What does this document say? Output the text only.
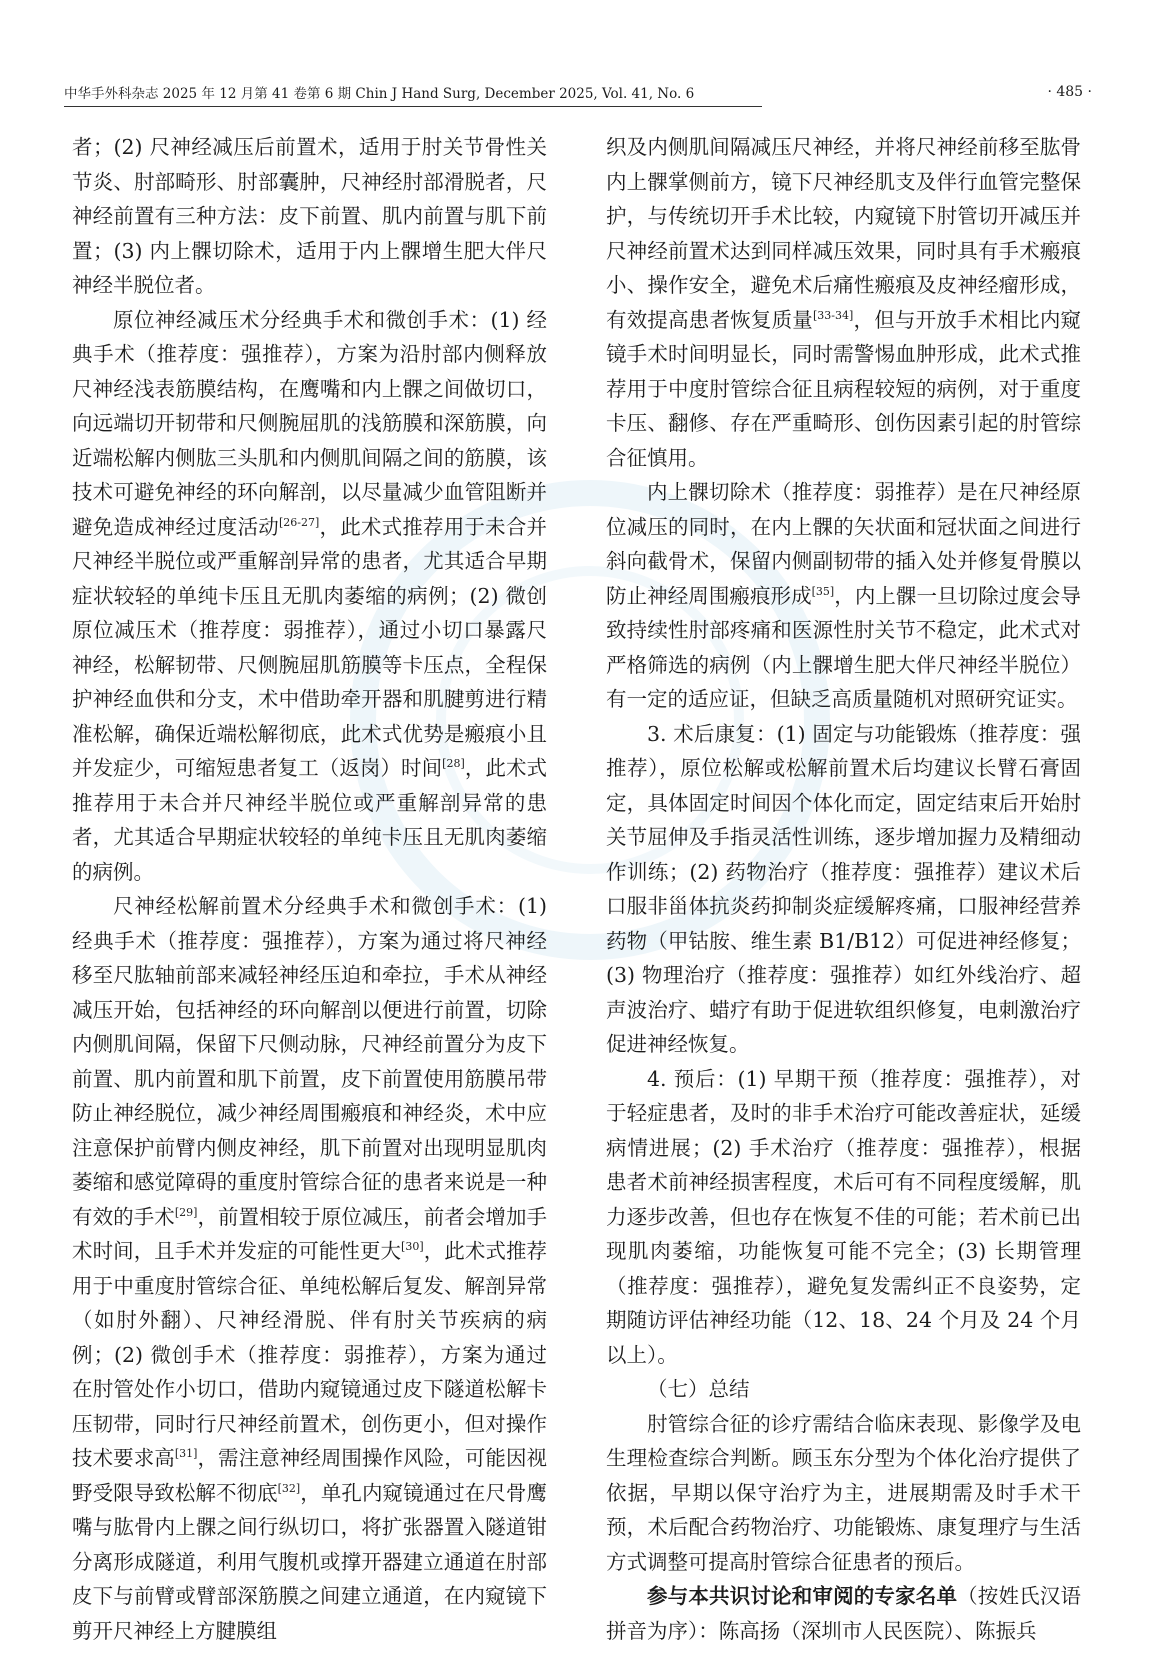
中华手外科杂志 2025 年 12 月第 41 卷第 6 期 Chin J Hand Surg, December 2025, Vol. 41, No. 6	· 485 ·

者；(2) 尺神经减压后前置术，适用于肘关节骨性关节炎、肘部畸形、肘部囊肿，尺神经肘部滑脱者，尺神经前置有三种方法：皮下前置、肌内前置与肌下前置；(3) 内上髁切除术，适用于内上髁增生肥大伴尺神经半脱位者。

原位神经减压术分经典手术和微创手术：(1) 经典手术（推荐度：强推荐），方案为沿肘部内侧释放尺神经浅表筋膜结构，在鹰嘴和内上髁之间做切口，向远端切开韧带和尺侧腕屈肌的浅筋膜和深筋膜，向近端松解内侧肱三头肌和内侧肌间隔之间的筋膜，该技术可避免神经的环向解剖，以尽量减少血管阻断并避免造成神经过度活动[26-27]，此术式推荐用于未合并尺神经半脱位或严重解剖异常的患者，尤其适合早期症状较轻的单纯卡压且无肌肉萎缩的病例；(2) 微创原位减压术（推荐度：弱推荐），通过小切口暴露尺神经，松解韧带、尺侧腕屈肌筋膜等卡压点，全程保护神经血供和分支，术中借助牵开器和肌腱剪进行精准松解，确保近端松解彻底，此术式优势是瘢痕小且并发症少，可缩短患者复工（返岗）时间[28]，此术式推荐用于未合并尺神经半脱位或严重解剖异常的患者，尤其适合早期症状较轻的单纯卡压且无肌肉萎缩的病例。

尺神经松解前置术分经典手术和微创手术：(1) 经典手术（推荐度：强推荐），方案为通过将尺神经移至尺肱轴前部来减轻神经压迫和牵拉，手术从神经减压开始，包括神经的环向解剖以便进行前置，切除内侧肌间隔，保留下尺侧动脉，尺神经前置分为皮下前置、肌内前置和肌下前置，皮下前置使用筋膜吊带防止神经脱位，减少神经周围瘢痕和神经炎，术中应注意保护前臂内侧皮神经，肌下前置对出现明显肌肉萎缩和感觉障碍的重度肘管综合征的患者来说是一种有效的手术[29]，前置相较于原位减压，前者会增加手术时间，且手术并发症的可能性更大[30]，此术式推荐用于中重度肘管综合征、单纯松解后复发、解剖异常（如肘外翻）、尺神经滑脱、伴有肘关节疾病的病例；(2) 微创手术（推荐度：弱推荐），方案为通过在肘管处作小切口，借助内窥镜通过皮下隧道松解卡压韧带，同时行尺神经前置术，创伤更小，但对操作技术要求高[31]，需注意神经周围操作风险，可能因视野受限导致松解不彻底[32]，单孔内窥镜通过在尺骨鹰嘴与肱骨内上髁之间行纵切口，将扩张器置入隧道钳分离形成隧道，利用气腹机或撑开器建立通道在肘部皮下与前臂或臂部深筋膜之间建立通道，在内窥镜下剪开尺神经上方腱膜组

织及内侧肌间隔减压尺神经，并将尺神经前移至肱骨内上髁掌侧前方，镜下尺神经肌支及伴行血管完整保护，与传统切开手术比较，内窥镜下肘管切开减压并尺神经前置术达到同样减压效果，同时具有手术瘢痕小、操作安全，避免术后痛性瘢痕及皮神经瘤形成，有效提高患者恢复质量[33-34]，但与开放手术相比内窥镜手术时间明显长，同时需警惕血肿形成，此术式推荐用于中度肘管综合征且病程较短的病例，对于重度卡压、翻修、存在严重畸形、创伤因素引起的肘管综合征慎用。

内上髁切除术（推荐度：弱推荐）是在尺神经原位减压的同时，在内上髁的矢状面和冠状面之间进行斜向截骨术，保留内侧副韧带的插入处并修复骨膜以防止神经周围瘢痕形成[35]，内上髁一旦切除过度会导致持续性肘部疼痛和医源性肘关节不稳定，此术式对严格筛选的病例（内上髁增生肥大伴尺神经半脱位）有一定的适应证，但缺乏高质量随机对照研究证实。

3. 术后康复：(1) 固定与功能锻炼（推荐度：强推荐），原位松解或松解前置术后均建议长臂石膏固定，具体固定时间因个体化而定，固定结束后开始肘关节屈伸及手指灵活性训练，逐步增加握力及精细动作训练；(2) 药物治疗（推荐度：强推荐）建议术后口服非甾体抗炎药抑制炎症缓解疼痛，口服神经营养药物（甲钴胺、维生素 B1/B12）可促进神经修复；(3) 物理治疗（推荐度：强推荐）如红外线治疗、超声波治疗、蜡疗有助于促进软组织修复，电刺激治疗促进神经恢复。

4. 预后：(1) 早期干预（推荐度：强推荐），对于轻症患者，及时的非手术治疗可能改善症状，延缓病情进展；(2) 手术治疗（推荐度：强推荐），根据患者术前神经损害程度，术后可有不同程度缓解，肌力逐步改善，但也存在恢复不佳的可能；若术前已出现肌肉萎缩，功能恢复可能不完全；(3) 长期管理（推荐度：强推荐），避免复发需纠正不良姿势，定期随访评估神经功能（12、18、24 个月及 24 个月以上）。

（七）总结

肘管综合征的诊疗需结合临床表现、影像学及电生理检查综合判断。顾玉东分型为个体化治疗提供了依据，早期以保守治疗为主，进展期需及时手术干预，术后配合药物治疗、功能锻炼、康复理疗与生活方式调整可提高肘管综合征患者的预后。

参与本共识讨论和审阅的专家名单（按姓氏汉语拼音为序）：陈高扬（深圳市人民医院）、陈振兵
